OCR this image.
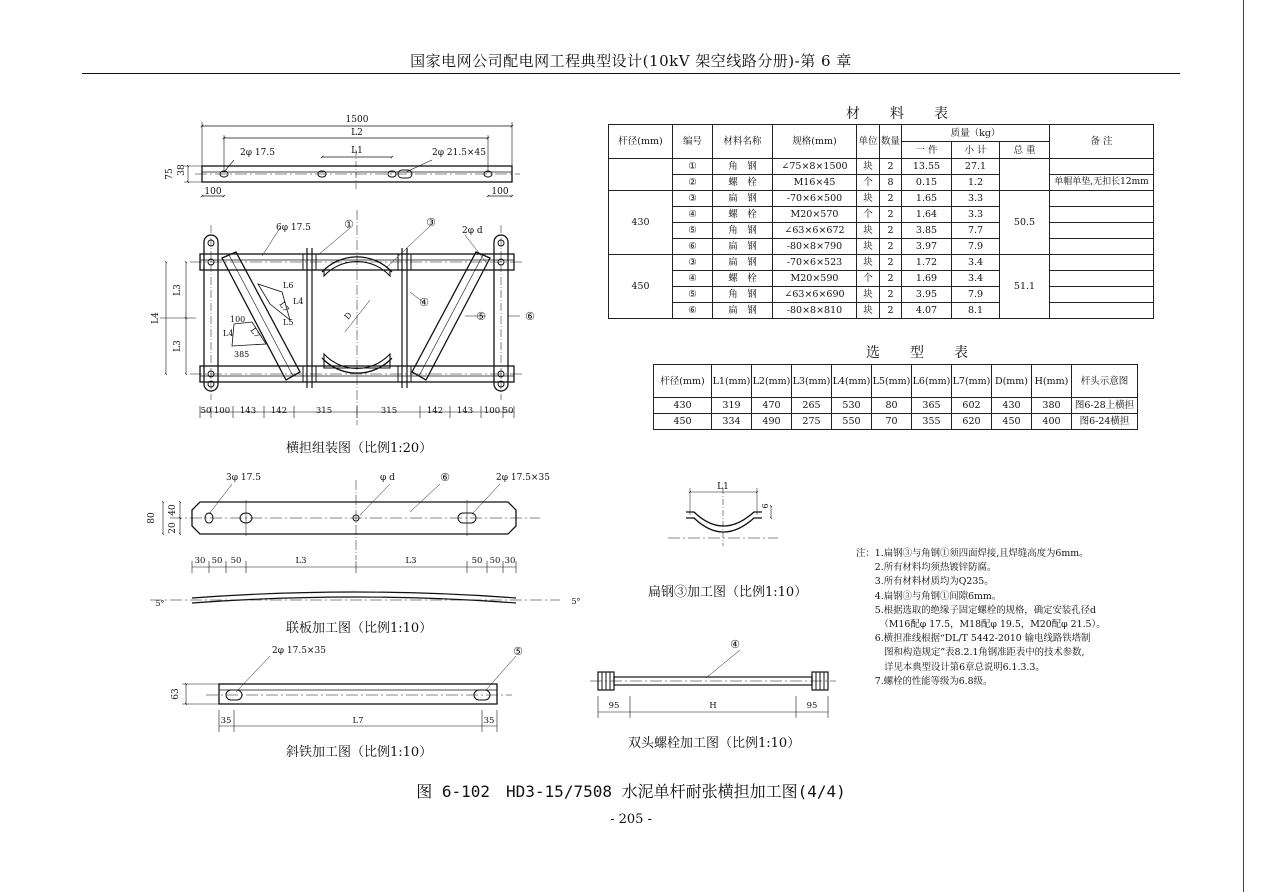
国家电网公司配电网工程典型设计(10kV 架空线路分册)-第 6 章
1500
L2
L1
2φ 17.5	2φ 21.5×45
100	100
75 38
6φ 17.5	2φ d
①	③
④
⑤	⑥
L4
L3
L3
L6
L7 L4
L5
100
L4 L7
385
D
50 100 143 142	315	315	142 143 100 50
3φ 17.5	φ d	⑥	2φ 17.5×35
80
40
20
30 50 50	L3	L3	50 50 30
5°	5°
2φ 17.5×35	⑤
63
35	L7	35
L1
6
④
95	H	95
横担组装图（比例1:20）
联板加工图（比例1:10）
斜铁加工图（比例1:10）
扁钢③加工图（比例1:10）
双头螺栓加工图（比例1:10）
材　料　表
杆径(mm)	编号	材料名称	规格(mm)	单位	数量	质量（kg）			备 注
						一 件	小 计	总 重	
	①	角　钢	∠75×8×1500	块	2	13.55	27.1		
	②	螺　栓	M16×45	个	8	0.15	1.2		单帽单垫,无扣长12mm
430	③	扁　钢	-70×6×500	块	2	1.65	3.3	50.5	
	④	螺　栓	M20×570	个	2	1.64	3.3		
	⑤	角　钢	∠63×6×672	块	2	3.85	7.7		
	⑥	扁　钢	-80×8×790	块	2	3.97	7.9		
450	③	扁　钢	-70×6×523	块	2	1.72	3.4	51.1	
	④	螺　栓	M20×590	个	2	1.69	3.4		
	⑤	角　钢	∠63×6×690	块	2	3.95	7.9		
	⑥	扁　钢	-80×8×810	块	2	4.07	8.1		
选　型　表
杆径(mm)	L1(mm)	L2(mm)	L3(mm)	L4(mm)	L5(mm)	L6(mm)	L7(mm)	D(mm)	H(mm)	杆头示意图
430	319	470	265	530	80	365	602	430	380	图6-28上横担
450	334	490	275	550	70	355	620	450	400	图6-24横担
注：1.扁钢③与角钢①须四面焊接,且焊缝高度为6mm。
　　2.所有材料均须热镀锌防腐。
　　3.所有材料材质均为Q235。
　　4.扁钢③与角钢①间隙6mm。
　　5.根据选取的绝缘子固定螺栓的规格，确定安装孔径d
　　　（M16配φ 17.5，M18配φ 19.5，M20配φ 21.5）。
　　6.横担准线根据“DL/T 5442-2010 输电线路铁塔制
　　　图和构造规定”表8.2.1角钢准距表中的技术参数,
　　　详见本典型设计第6章总说明6.1.3.3。
　　7.螺栓的性能等级为6.8级。
图 6-102　HD3-15/7508 水泥单杆耐张横担加工图(4/4)
- 205 -
